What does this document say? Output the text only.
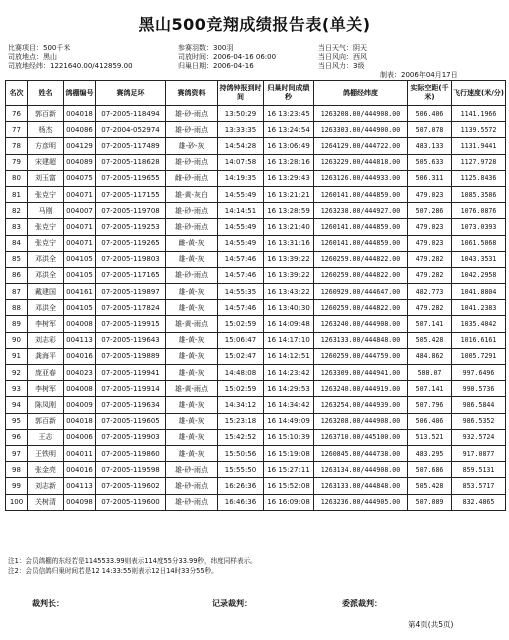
黑山500竞翔成绩报告表(单关)
比赛项目：500千米
司放地点：黑山
司放地经纬：1221640.00/412859.00
参赛羽数：300羽
司放时间：2006-04-16 06:00
归巢日期：2006-04-16
当日天气：阴天
当日风向：西风
当日风力：3级
制表：2006年04月17日
名次	姓名	鸽棚编号	赛鸽足环	赛鸽资料	持鸽钟报到时间	归巢时间成绩秒	鸽棚经纬度	实际空距(千米)	飞行速度(米/分)
76	郭百新	004018	07-2005-118494	雄-砂-雨点	13:50:29	16 13:23:45	1263208.00/444908.00	506.406	1141.1966
77	杨杰	004086	07-2004-052974	雄-砂-雨点	13:33:35	16 13:24:54	1263303.00/444900.00	507.078	1139.5572
78	方彦明	004129	07-2005-117489	雄-砂-灰	14:54:28	16 13:06:49	1264129.00/444722.00	483.133	1131.9441
79	宋建超	004089	07-2005-118628	雄-砂-雨点	14:07:58	16 13:28:16	1263229.00/444818.00	505.633	1127.9728
80	刘玉富	004075	07-2005-119655	雌-砂-雨点	14:19:35	16 13:29:43	1263126.00/444933.00	506.311	1125.8436
81	张克宁	004071	07-2005-117155	雄-黄-灰白	14:55:49	16 13:21:21	1260141.00/444859.00	479.023	1085.3586
82	马刚	004007	07-2005-119708	雄-砂-雨点	14:14:51	16 13:28:59	1263238.00/444927.00	507.286	1076.0876
83	张克宁	004071	07-2005-119253	雄-砂-雨点	14:55:49	16 13:21:40	1260141.00/444859.00	479.023	1073.0393
84	张克宁	004071	07-2005-119265	雌-黄-灰	14:55:49	16 13:31:16	1260141.00/444859.00	479.023	1061.5068
85	邓洪全	004105	07-2005-119803	雄-黄-灰	14:57:46	16 13:39:22	1260259.00/444822.00	479.282	1043.3531
86	邓洪全	004105	07-2005-117165	雄-砂-雨点	14:57:46	16 13:39:22	1260259.00/444822.00	479.282	1042.2958
87	戴建国	004161	07-2005-119897	雄-黄-灰	14:55:35	16 13:43:22	1260929.00/444647.00	482.773	1041.8804
88	邓洪全	004105	07-2005-117824	雄-黄-灰	14:57:46	16 13:40:30	1260259.00/444822.00	479.282	1041.2383
89	李树军	004008	07-2005-119915	雄-黄-雨点	15:02:59	16 14:09:48	1263240.00/444908.00	507.141	1035.4042
90	刘志彩	004113	07-2005-119643	雄-黄-灰	15:06:47	16 14:17:10	1263133.00/444848.00	505.428	1016.6161
91	龚海平	004016	07-2005-119889	雄-黄-灰	15:02:47	16 14:12:51	1260259.00/444759.00	484.862	1005.7291
92	庞亚春	004023	07-2005-119941	雄-黄-灰	14:48:08	16 14:23:42	1263309.00/444941.00	508.07	997.6496
93	李树军	004008	07-2005-119914	雄-黄-雨点	15:02:59	16 14:29:53	1263240.00/444919.00	507.141	990.5736
94	陈凤刚	004009	07-2005-119634	雄-黄-灰	14:34:12	16 14:34:42	1263254.00/444939.00	507.796	986.5844
95	郭百新	004018	07-2005-119605	雄-黄-灰	15:23:18	16 14:49:09	1263208.00/444908.00	506.406	986.5352
96	王志	004006	07-2005-119903	雄-黄-灰	15:42:52	16 15:10:39	1263710.00/445100.00	513.521	932.5724
97	王铁明	004011	07-2005-119860	雄-黄-灰	15:50:56	16 15:19:08	1260845.00/444738.00	483.295	917.0877
98	张金亮	004016	07-2005-119598	雄-砂-雨点	15:55:50	16 15:27:11	1263134.00/444908.00	507.686	859.5131
99	刘志新	004113	07-2005-119602	雄-砂-雨点	16:26:36	16 15:52:08	1263133.00/444848.00	505.428	853.5717
100	关树清	004098	07-2005-119600	雄-砂-雨点	16:46:36	16 16:09:08	1263236.00/444905.00	507.089	832.4865
注1：会员鸽棚的东经若是1145533.99则表示114度55分33.99秒，纬度同样表示。
注2：会员信鸽归巢时间若是12 14:33:55则表示12日14时33分55秒。
裁判长：	记录裁判：	委派裁判：
第4页(共5页)
